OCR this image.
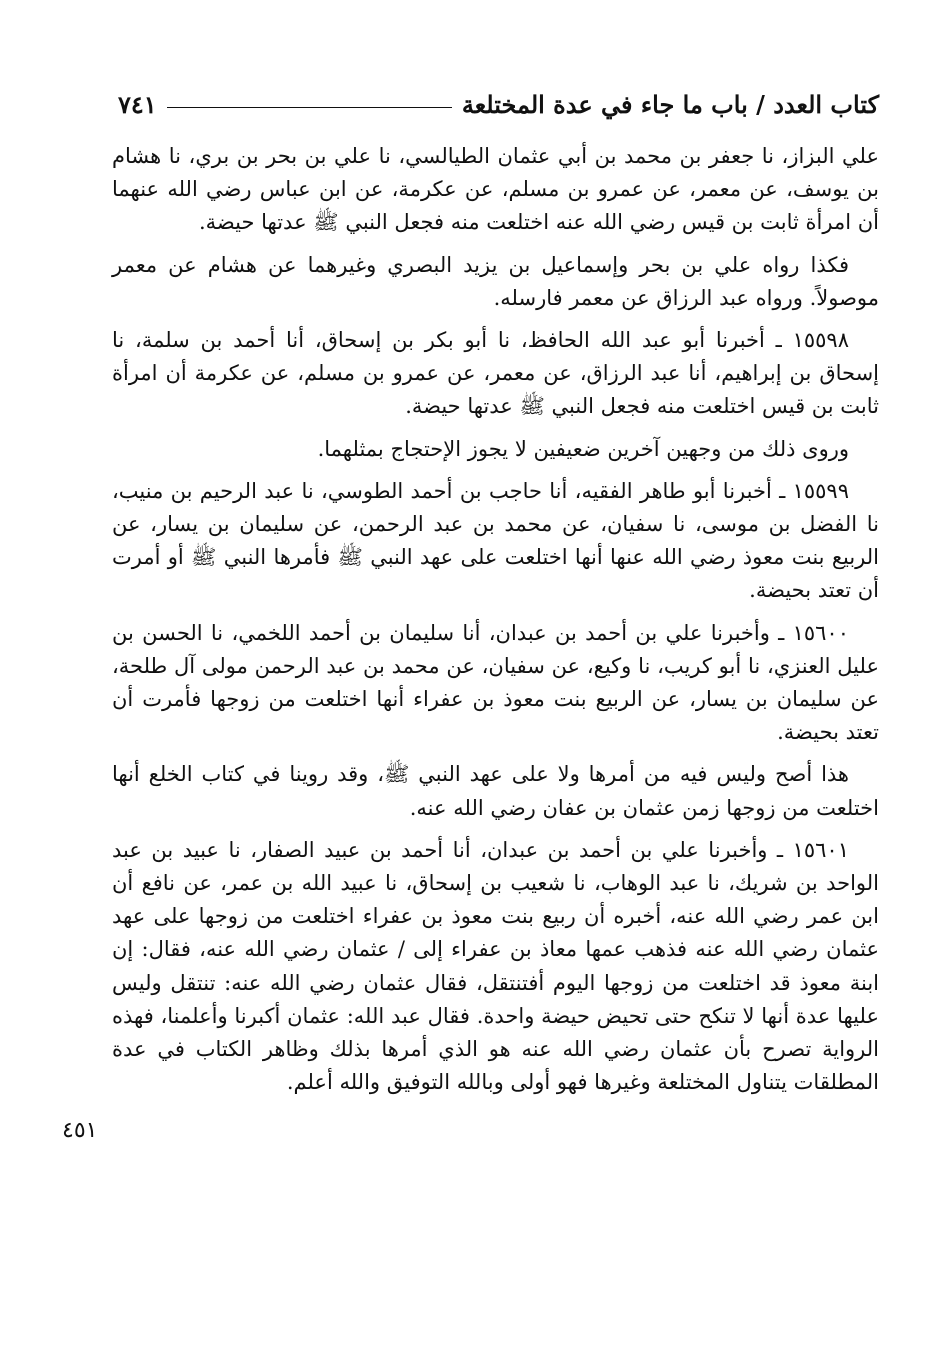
٧٤١	كتاب العدد / باب ما جاء في عدة المختلعة
٤٥١

علي البزاز، نا جعفر بن محمد بن أبي عثمان الطيالسي، نا علي بن بحر بن بري، نا هشام بن يوسف، عن معمر، عن عمرو بن مسلم، عن عكرمة، عن ابن عباس رضي الله عنهما أن امرأة ثابت بن قيس رضي الله عنه اختلعت منه فجعل النبي ﷺ عدتها حيضة.

فكذا رواه علي بن بحر وإسماعيل بن يزيد البصري وغيرهما عن هشام عن معمر موصولاً. ورواه عبد الرزاق عن معمر فارسله.

١٥٥٩٨ ـ أخبرنا أبو عبد الله الحافظ، نا أبو بكر بن إسحاق، أنا أحمد بن سلمة، نا إسحاق بن إبراهيم، أنا عبد الرزاق، عن معمر، عن عمرو بن مسلم، عن عكرمة أن امرأة ثابت بن قيس اختلعت منه فجعل النبي ﷺ عدتها حيضة.

وروى ذلك من وجهين آخرين ضعيفين لا يجوز الإحتجاج بمثلهما.

١٥٥٩٩ ـ أخبرنا أبو طاهر الفقيه، أنا حاجب بن أحمد الطوسي، نا عبد الرحيم بن منيب، نا الفضل بن موسى، نا سفيان، عن محمد بن عبد الرحمن، عن سليمان بن يسار، عن الربيع بنت معوذ رضي الله عنها أنها اختلعت على عهد النبي ﷺ فأمرها النبي ﷺ أو أمرت أن تعتد بحيضة.

١٥٦٠٠ ـ وأخبرنا علي بن أحمد بن عبدان، أنا سليمان بن أحمد اللخمي، نا الحسن بن عليل العنزي، نا أبو كريب، نا وكيع، عن سفيان، عن محمد بن عبد الرحمن مولى آل طلحة، عن سليمان بن يسار، عن الربيع بنت معوذ بن عفراء أنها اختلعت من زوجها فأمرت أن تعتد بحيضة.

هذا أصح وليس فيه من أمرها ولا على عهد النبي ﷺ، وقد روينا في كتاب الخلع أنها اختلعت من زوجها زمن عثمان بن عفان رضي الله عنه.

١٥٦٠١ ـ وأخبرنا علي بن أحمد بن عبدان، أنا أحمد بن عبيد الصفار، نا عبيد بن عبد الواحد بن شريك، نا عبد الوهاب، نا شعيب بن إسحاق، نا عبيد الله بن عمر، عن نافع أن ابن عمر رضي الله عنه، أخبره أن ربيع بنت معوذ بن عفراء اختلعت من زوجها على عهد عثمان رضي الله عنه فذهب عمها معاذ بن عفراء إلى / عثمان رضي الله عنه، فقال: إن ابنة معوذ قد اختلعت من زوجها اليوم أفتنتقل، فقال عثمان رضي الله عنه: تنتقل وليس عليها عدة أنها لا تنكح حتى تحيض حيضة واحدة. فقال عبد الله: عثمان أكبرنا وأعلمنا، فهذه الرواية تصرح بأن عثمان رضي الله عنه هو الذي أمرها بذلك وظاهر الكتاب في عدة المطلقات يتناول المختلعة وغيرها فهو أولى وبالله التوفيق والله أعلم.
